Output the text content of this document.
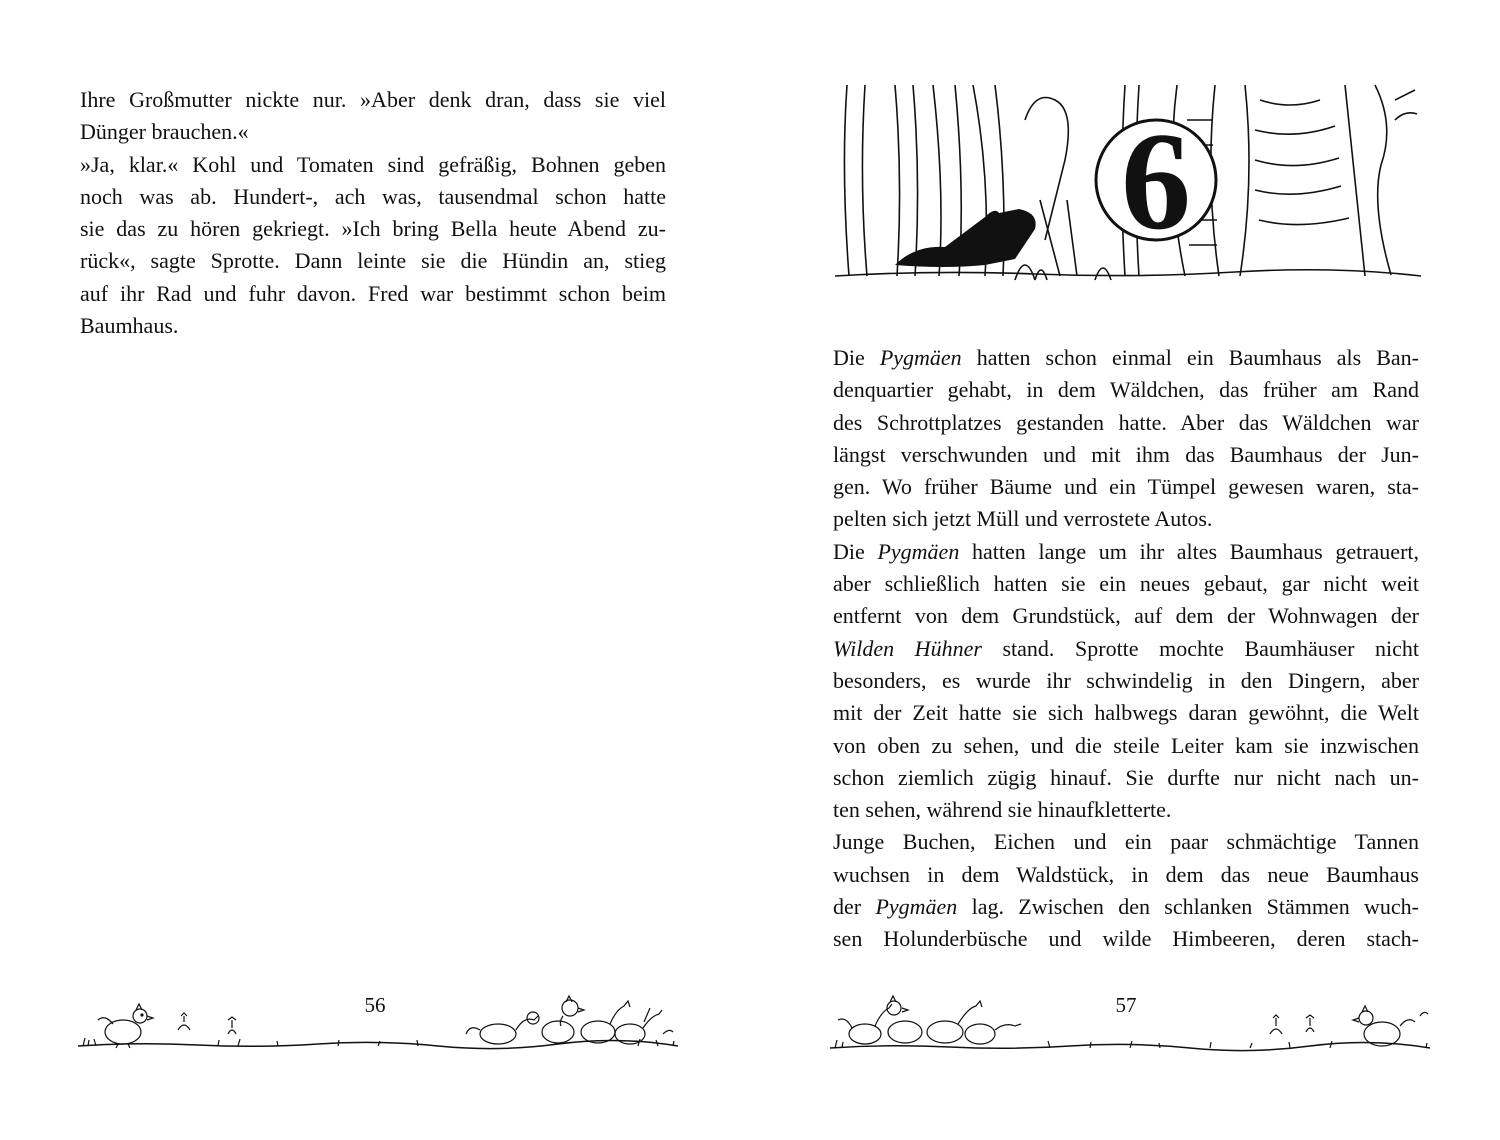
Ihre Großmutter nickte nur. »Aber denk dran, dass sie viel
Dünger brauchen.«
»Ja, klar.« Kohl und Tomaten sind gefräßig, Bohnen geben
noch was ab. Hundert-, ach was, tausendmal schon hatte
sie das zu hören gekriegt. »Ich bring Bella heute Abend zu-
rück«, sagte Sprotte. Dann leinte sie die Hündin an, stieg
auf ihr Rad und fuhr davon. Fred war bestimmt schon beim
Baumhaus.
56
6
Die Pygmäen hatten schon einmal ein Baumhaus als Ban-
denquartier gehabt, in dem Wäldchen, das früher am Rand
des Schrottplatzes gestanden hatte. Aber das Wäldchen war
längst verschwunden und mit ihm das Baumhaus der Jun-
gen. Wo früher Bäume und ein Tümpel gewesen waren, sta-
pelten sich jetzt Müll und verrostete Autos.
Die Pygmäen hatten lange um ihr altes Baumhaus getrauert,
aber schließlich hatten sie ein neues gebaut, gar nicht weit
entfernt von dem Grundstück, auf dem der Wohnwagen der
Wilden Hühner stand. Sprotte mochte Baumhäuser nicht
besonders, es wurde ihr schwindelig in den Dingern, aber
mit der Zeit hatte sie sich halbwegs daran gewöhnt, die Welt
von oben zu sehen, und die steile Leiter kam sie inzwischen
schon ziemlich zügig hinauf. Sie durfte nur nicht nach un-
ten sehen, während sie hinaufkletterte.
Junge Buchen, Eichen und ein paar schmächtige Tannen
wuchsen in dem Waldstück, in dem das neue Baumhaus
der Pygmäen lag. Zwischen den schlanken Stämmen wuch-
sen Holunderbüsche und wilde Himbeeren, deren stach-
57
